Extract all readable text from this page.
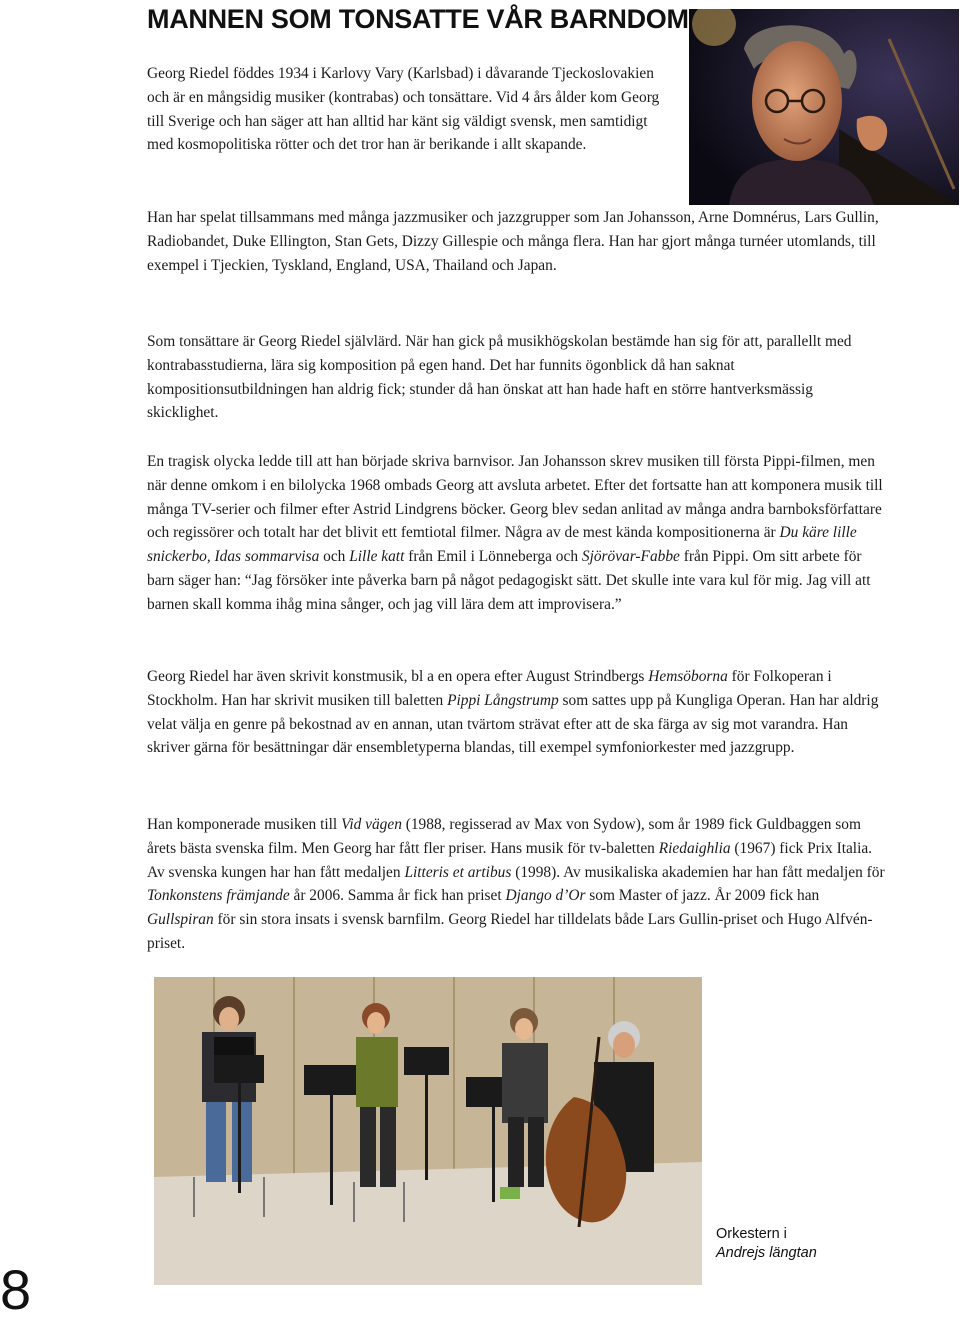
MANNEN SOM TONSATTE VÅR BARNDOM

Georg Riedel föddes 1934 i Karlovy Vary (Karlsbad) i dåvarande Tjeckoslovakien och är en mångsidig musiker (kontrabas) och tonsättare. Vid 4 års ålder kom Georg till Sverige och han säger att han alltid har känt sig väldigt svensk, men samtidigt med kosmopolitiska rötter och det tror han är berikande i allt skapande.

Han har spelat tillsammans med många jazzmusiker och jazzgrupper som Jan Johansson, Arne Domnérus, Lars Gullin, Radiobandet, Duke Ellington, Stan Gets, Dizzy Gillespie och många flera. Han har gjort många turnéer utomlands, till exempel i Tjeckien, Tyskland, England, USA, Thailand och Japan.

Som tonsättare är Georg Riedel självlärd. När han gick på musikhögskolan bestämde han sig för att, parallellt med kontrabasstudierna, lära sig komposition på egen hand. Det har funnits ögonblick då han saknat kompositionsutbildningen han aldrig fick; stunder då han önskat att han hade haft en större hantverksmässig skicklighet.

En tragisk olycka ledde till att han började skriva barnvisor. Jan Johansson skrev musiken till första Pippi-filmen, men när denne omkom i en bilolycka 1968 ombads Georg att avsluta arbetet. Efter det fortsatte han att komponera musik till många TV-serier och filmer efter Astrid Lindgrens böcker. Georg blev sedan anlitad av många andra barnboksförfattare och regissörer och totalt har det blivit ett femtiotal filmer. Några av de mest kända kompositionerna är Du käre lille snickerbo, Idas sommarvisa och Lille katt från Emil i Lönneberga och Sjörövar-Fabbe från Pippi. Om sitt arbete för barn säger han: “Jag försöker inte påverka barn på något pedagogiskt sätt. Det skulle inte vara kul för mig. Jag vill att barnen skall komma ihåg mina sånger, och jag vill lära dem att improvisera.”

Georg Riedel har även skrivit konstmusik, bl a en opera efter August Strindbergs Hemsöborna för Folkoperan i Stockholm. Han har skrivit musiken till baletten Pippi Långstrump som sattes upp på Kungliga Operan. Han har aldrig velat välja en genre på bekostnad av en annan, utan tvärtom strävat efter att de ska färga av sig mot varandra. Han skriver gärna för besättningar där ensembletyperna blandas, till exempel symfoniorkester med jazzgrupp.

Han komponerade musiken till Vid vägen (1988, regisserad av Max von Sydow), som år 1989 fick Guldbaggen som årets bästa svenska film. Men Georg har fått fler priser. Hans musik för tv-baletten Riedaighlia (1967) fick Prix Italia. Av svenska kungen har han fått medaljen Litteris et artibus (1998). Av musikaliska akademien har han fått medaljen för Tonkonstens främjande år 2006. Samma år fick han priset Django d’Or som Master of jazz. År 2009 fick han Gullspiran för sin stora insats i svensk barnfilm. Georg Riedel har tilldelats både Lars Gullin-priset och Hugo Alfvén-priset.

Orkestern i
Andrejs längtan
8
